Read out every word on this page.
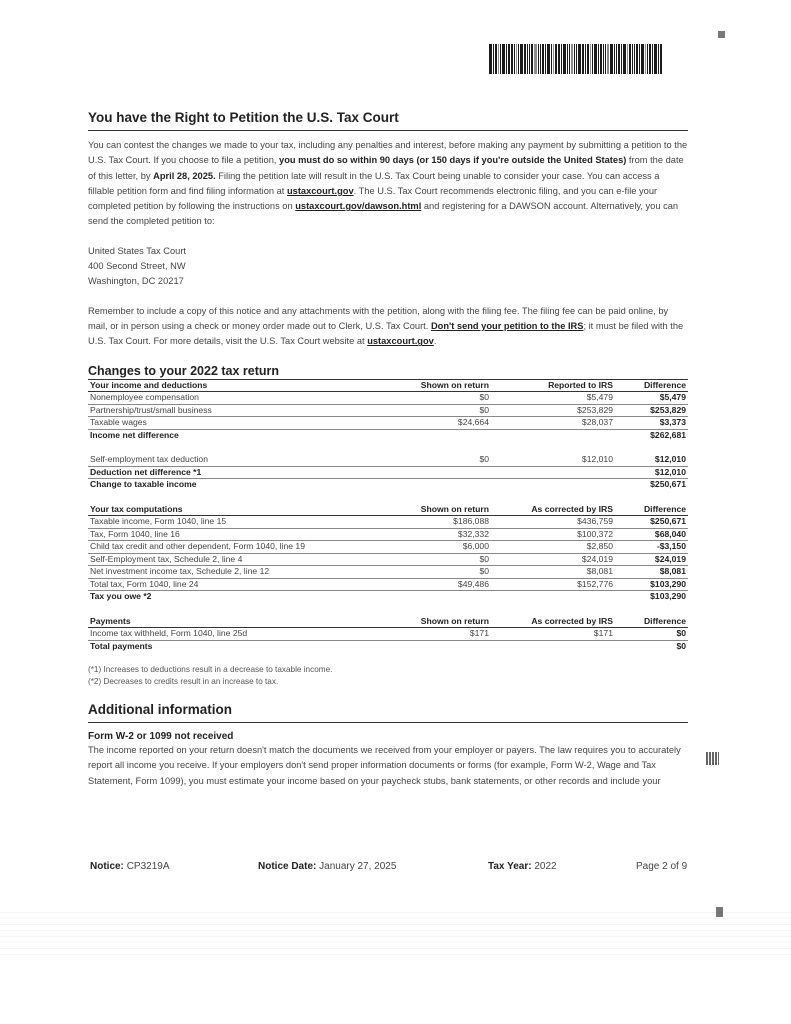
You have the Right to Petition the U.S. Tax Court

You can contest the changes we made to your tax, including any penalties and interest, before making any payment by submitting a petition to the U.S. Tax Court. If you choose to file a petition, you must do so within 90 days (or 150 days if you're outside the United States) from the date of this letter, by April 28, 2025. Filing the petition late will result in the U.S. Tax Court being unable to consider your case. You can access a fillable petition form and find filing information at ustaxcourt.gov. The U.S. Tax Court recommends electronic filing, and you can e-file your completed petition by following the instructions on ustaxcourt.gov/dawson.html and registering for a DAWSON account. Alternatively, you can send the completed petition to:

United States Tax Court
400 Second Street, NW
Washington, DC 20217

Remember to include a copy of this notice and any attachments with the petition, along with the filing fee. The filing fee can be paid online, by mail, or in person using a check or money order made out to Clerk, U.S. Tax Court. Don't send your petition to the IRS; it must be filed with the U.S. Tax Court. For more details, visit the U.S. Tax Court website at ustaxcourt.gov.

Changes to your 2022 tax return
Your income and deductions	Shown on return	Reported to IRS	Difference
Nonemployee compensation	$0	$5,479	$5,479
Partnership/trust/small business	$0	$253,829	$253,829
Taxable wages	$24,664	$28,037	$3,373
Income net difference			$262,681
Self-employment tax deduction	$0	$12,010	$12,010
Deduction net difference *1			$12,010
Change to taxable income			$250,671
Your tax computations	Shown on return	As corrected by IRS	Difference
Taxable income, Form 1040, line 15	$186,088	$436,759	$250,671
Tax, Form 1040, line 16	$32,332	$100,372	$68,040
Child tax credit and other dependent, Form 1040, line 19	$6,000	$2,850	-$3,150
Self-Employment tax, Schedule 2, line 4	$0	$24,019	$24,019
Net investment income tax, Schedule 2, line 12	$0	$8,081	$8,081
Total tax, Form 1040, line 24	$49,486	$152,776	$103,290
Tax you owe *2			$103,290
Payments	Shown on return	As corrected by IRS	Difference
Income tax withheld, Form 1040, line 25d	$171	$171	$0
Total payments			$0
(*1) Increases to deductions result in a decrease to taxable income.
(*2) Decreases to credits result in an increase to tax.
Additional information
Form W-2 or 1099 not received

The income reported on your return doesn't match the documents we received from your employer or payers. The law requires you to accurately report all income you receive. If your employers don't send proper information documents or forms (for example, Form W-2, Wage and Tax Statement, Form 1099), you must estimate your income based on your paycheck stubs, bank statements, or other records and include your

Notice: CP3219A	Notice Date: January 27, 2025	Tax Year: 2022	Page 2 of 9
